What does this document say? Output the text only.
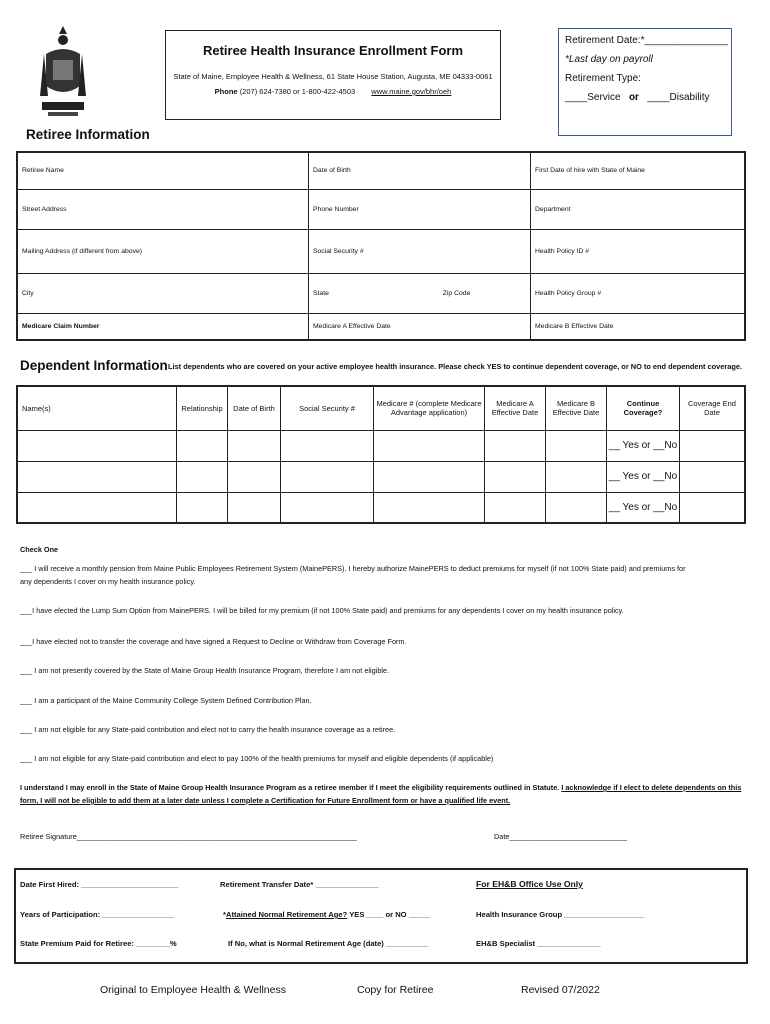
Retiree Health Insurance Enrollment Form
State of Maine, Employee Health & Wellness, 61 State House Station, Augusta, ME 04333-0061
Phone (207) 624-7380 or 1-800-422-4503 www.maine.gov/bhr/oeh
Retirement Date:*_______________
*Last day on payroll
Retirement Type:
____Service or ____Disability
Retiree Information
Retiree Name	Date of Birth	First Date of hire with State of Maine
Street Address	Phone Number	Department
Mailing Address (if different from above)	Social Security #	Health Policy ID #
City	State Zip Code	Health Policy Group #
Medicare Claim Number	Medicare A Effective Date	Medicare B Effective Date
Dependent Information List dependents who are covered on your active employee health insurance. Please check YES to continue dependent coverage, or NO to end dependent coverage.
Name(s)	Relationship	Date of Birth	Social Security #	Medicare # (complete Medicare Advantage application)	Medicare A Effective Date	Medicare B Effective Date	Continue Coverage?	Coverage End Date
							__ Yes or __No	
							__ Yes or __No	
							__ Yes or __No	
Check One
___ I will receive a monthly pension from Maine Public Employees Retirement System (MainePERS). I hereby authorize MainePERS to deduct premiums for myself (if not 100% State paid) and premiums for any dependents I cover on my health insurance policy.
___I have elected the Lump Sum Option from MainePERS. I will be billed for my premium (if not 100% State paid) and premiums for any dependents I cover on my health insurance policy.
___I have elected not to transfer the coverage and have signed a Request to Decline or Withdraw from Coverage Form.
___ I am not presently covered by the State of Maine Group Health Insurance Program, therefore I am not eligible.
___ I am a participant of the Maine Community College System Defined Contribution Plan.
___ I am not eligible for any State-paid contribution and elect not to carry the health insurance coverage as a retiree.
___ I am not eligible for any State-paid contribution and elect to pay 100% of the health premiums for myself and eligible dependents (if applicable)
I understand I may enroll in the State of Maine Group Health Insurance Program as a retiree member if I meet the eligibility requirements outlined in Statute. I acknowledge if I elect to delete dependents on this form, I will not be eligible to add them at a later date unless I complete a Certification for Future Enrollment form or have a qualified life event.
Retiree Signature_____________________________________________________________________	Date_____________________________
Date First Hired: _______________________
Years of Participation: _________________
State Premium Paid for Retiree: ________%
Retirement Transfer Date* _______________
*Attained Normal Retirement Age? YES ____ or NO _____
If No, what is Normal Retirement Age (date) __________
For EH&B Office Use Only
Health Insurance Group ___________________
EH&B Specialist _______________
Original to Employee Health & Wellness	Copy for Retiree	Revised 07/2022
